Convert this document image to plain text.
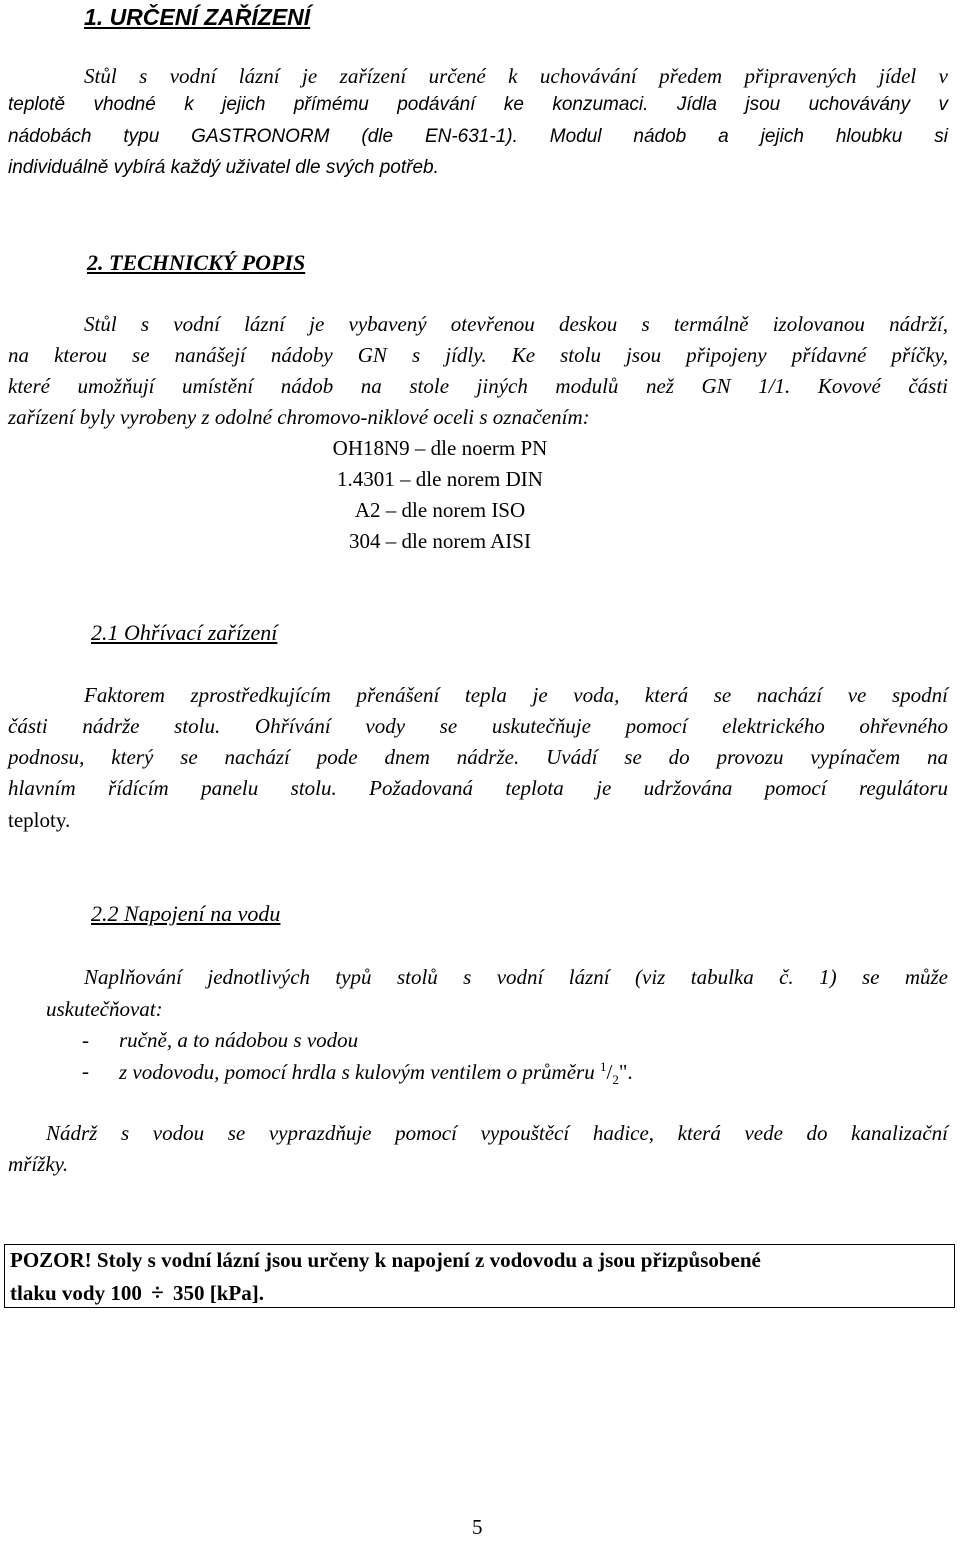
1. URČENÍ ZAŘÍZENÍ

Stůl s vodní lázní je zařízení určené k uchovávání předem připravených jídel v

teplotě vhodné k jejich přímému podávání ke konzumaci. Jídla jsou uchovávány v

nádobách typu GASTRONORM (dle EN-631-1). Modul nádob a jejich hloubku si

individuálně vybírá každý uživatel dle svých potřeb.

2. TECHNICKÝ POPIS

Stůl s vodní lázní je vybavený otevřenou deskou s termálně izolovanou nádrží,

na kterou se nanášejí nádoby GN s jídly. Ke stolu jsou připojeny přídavné příčky,

které umožňují umístění nádob na stole jiných modulů než GN 1/1. Kovové části

zařízení byly vyrobeny z odolné chromovo-niklové oceli s označením:

OH18N9 – dle noerm PN

1.4301 – dle norem DIN

A2 – dle norem ISO

304 – dle norem AISI

2.1 Ohřívací zařízení

Faktorem zprostředkujícím přenášení tepla je voda, která se nachází ve spodní

části nádrže stolu. Ohřívání vody se uskutečňuje pomocí elektrického ohřevného

podnosu, který se nachází pode dnem nádrže. Uvádí se do provozu vypínačem na

hlavním řídícím panelu stolu. Požadovaná teplota je udržována pomocí regulátoru

teploty.

2.2 Napojení na vodu

Naplňování jednotlivých typů stolů s vodní lázní (viz tabulka č. 1) se může

uskutečňovat:

- ručně, a to nádobou s vodou
- z vodovodu, pomocí hrdla s kulovým ventilem o průměru $^1/_2$".

Nádrž s vodou se vyprazdňuje pomocí vypouštěcí hadice, která vede do kanalizační

mřížky.

POZOR! Stoly s vodní lázní jsou určeny k napojení z vodovodu a jsou přizpůsobené

tlaku vody 100 ÷ 350 [kPa].

5
